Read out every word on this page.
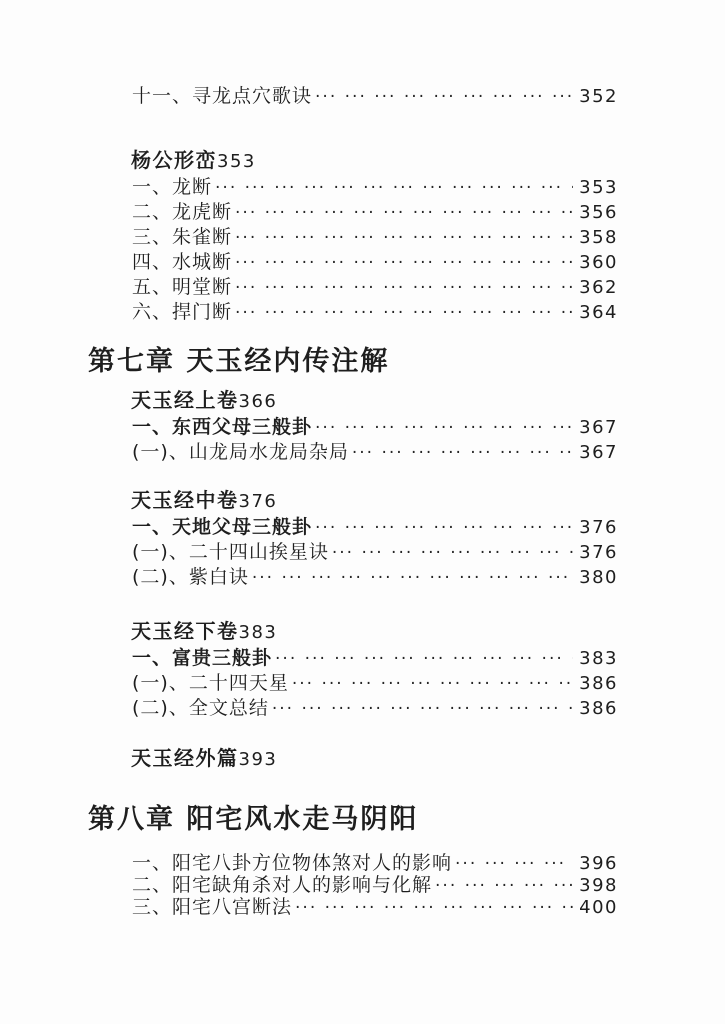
十一、寻龙点穴歌诀 ··· ·	352
杨公形峦353
一、龙断 ··· ·	353
二、龙虎断 ··· ·	356
三、朱雀断 ··· ·	358
四、水城断 ··· ·	360
五、明堂断 ··· ·	362
六、捍门断 ··· ·	364
第七章 天玉经内传注解
天玉经上卷366
一、东西父母三般卦 ··· ·	367
(一)、山龙局水龙局杂局 ··· ·	367
天玉经中卷376
一、天地父母三般卦 ··· ·	376
(一)、二十四山挨星诀 ··· ·	376
(二)、紫白诀 ··· ·	380
天玉经下卷383
一、富贵三般卦 ··· ·	383
(一)、二十四天星 ··· ·	386
(二)、全文总结 ··· ·	386
天玉经外篇393
第八章 阳宅风水走马阴阳
一、阳宅八卦方位物体煞对人的影响 ··· ·	396
二、阳宅缺角杀对人的影响与化解 ··· ·	398
三、阳宅八宫断法 ··· ·	400
